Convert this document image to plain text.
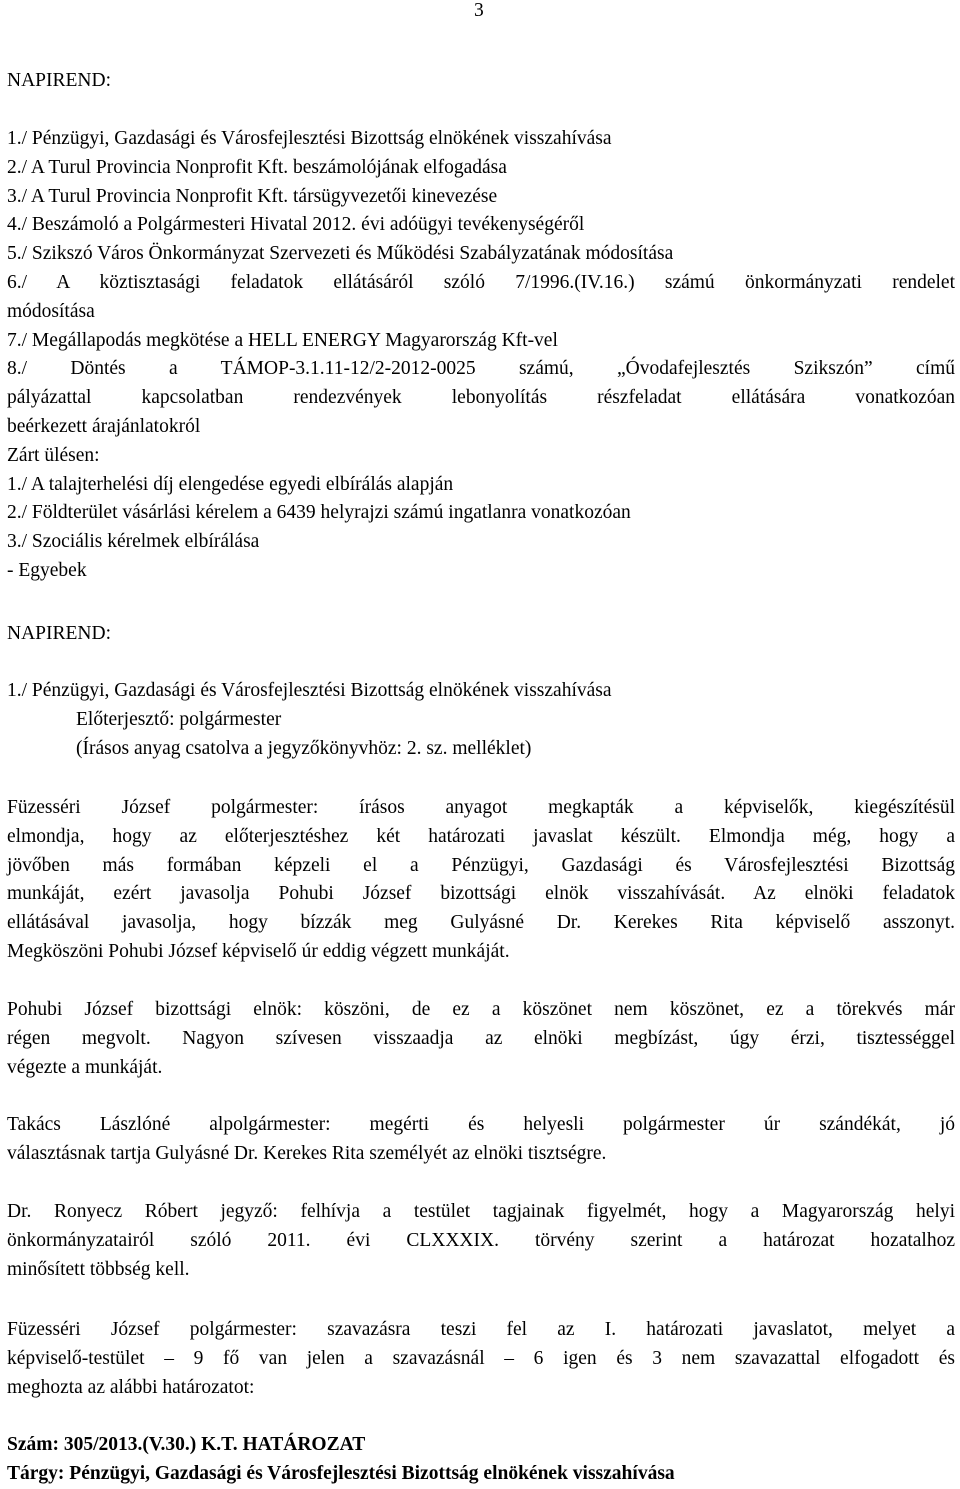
3
NAPIREND:
1./ Pénzügyi, Gazdasági és Városfejlesztési Bizottság elnökének visszahívása
2./ A Turul Provincia Nonprofit Kft. beszámolójának elfogadása
3./ A Turul Provincia Nonprofit Kft. társügyvezetői kinevezése
4./ Beszámoló a Polgármesteri Hivatal 2012. évi adóügyi tevékenységéről
5./ Szikszó Város Önkormányzat Szervezeti és Működési Szabályzatának módosítása
6./ A köztisztasági feladatok ellátásáról szóló 7/1996.(IV.16.) számú önkormányzati rendelet
módosítása
7./ Megállapodás megkötése a HELL ENERGY Magyarország Kft-vel
8./ Döntés a TÁMOP-3.1.11-12/2-2012-0025 számú, „Óvodafejlesztés Szikszón” című
pályázattal kapcsolatban rendezvények lebonyolítás részfeladat ellátására vonatkozóan
beérkezett árajánlatokról
Zárt ülésen:
1./ A talajterhelési díj elengedése egyedi elbírálás alapján
2./ Földterület vásárlási kérelem a 6439 helyrajzi számú ingatlanra vonatkozóan
3./ Szociális kérelmek elbírálása
- Egyebek
NAPIREND:
1./ Pénzügyi, Gazdasági és Városfejlesztési Bizottság elnökének visszahívása
Előterjesztő: polgármester
(Írásos anyag csatolva a jegyzőkönyvhöz: 2. sz. melléklet)
Füzesséri József polgármester: írásos anyagot megkapták a képviselők, kiegészítésül
elmondja, hogy az előterjesztéshez két határozati javaslat készült. Elmondja még, hogy a
jövőben más formában képzeli el a Pénzügyi, Gazdasági és Városfejlesztési Bizottság
munkáját, ezért javasolja Pohubi József bizottsági elnök visszahívását. Az elnöki feladatok
ellátásával javasolja, hogy bízzák meg Gulyásné Dr. Kerekes Rita képviselő asszonyt.
Megköszöni Pohubi József képviselő úr eddig végzett munkáját.
Pohubi József bizottsági elnök: köszöni, de ez a köszönet nem köszönet, ez a törekvés már
régen megvolt. Nagyon szívesen visszaadja az elnöki megbízást, úgy érzi, tisztességgel
végezte a munkáját.
Takács Lászlóné alpolgármester: megérti és helyesli polgármester úr szándékát, jó
választásnak tartja Gulyásné Dr. Kerekes Rita személyét az elnöki tisztségre.
Dr. Ronyecz Róbert jegyző: felhívja a testület tagjainak figyelmét, hogy a Magyarország helyi
önkormányzatairól szóló 2011. évi CLXXXIX. törvény szerint a határozat hozatalhoz
minősített többség kell.
Füzesséri József polgármester: szavazásra teszi fel az I. határozati javaslatot, melyet a
képviselő-testület – 9 fő van jelen a szavazásnál – 6 igen és 3 nem szavazattal elfogadott és
meghozta az alábbi határozatot:
Szám: 305/2013.(V.30.) K.T. HATÁROZAT
Tárgy: Pénzügyi, Gazdasági és Városfejlesztési Bizottság elnökének visszahívása
